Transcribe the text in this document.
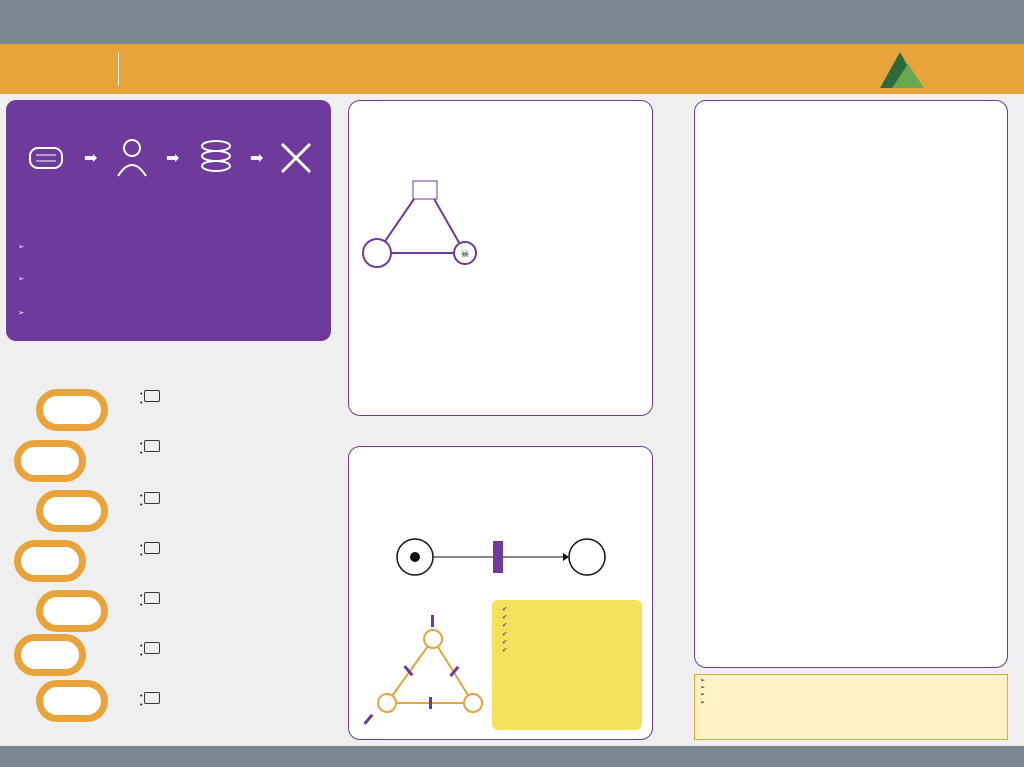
➡	➡	➡
➢
➢
➢
•
•
•
•
•
•
•
•
•
•
•
•
•
•
☠
✔
✔
✔
✔
✔
✔
➢
➢
➢
➢
